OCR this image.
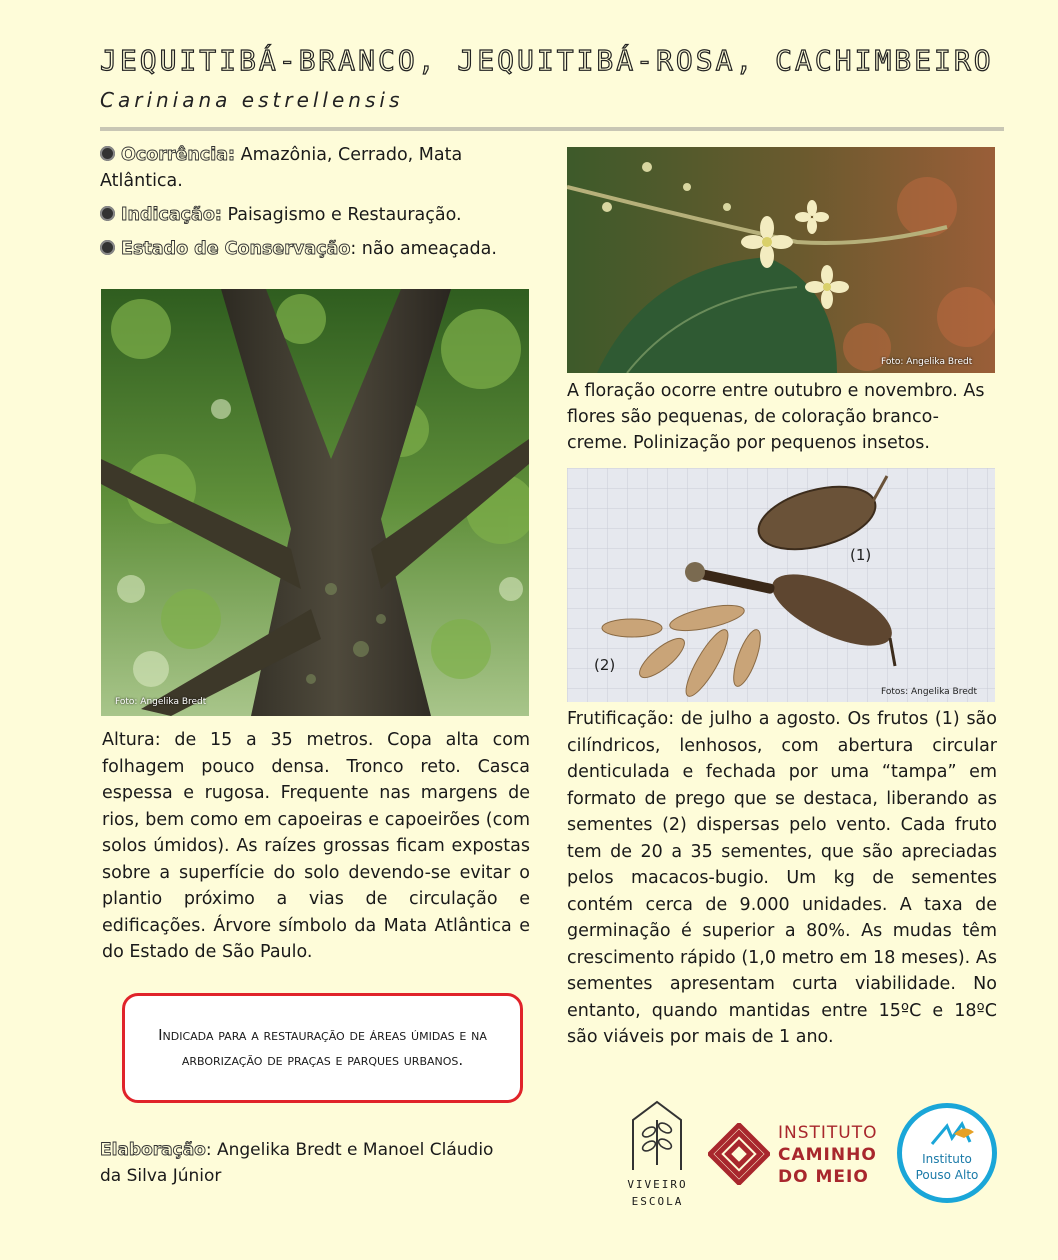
JEQUITIBÁ-BRANCO, JEQUITIBÁ-ROSA, CACHIMBEIRO
Cariniana estrellensis
Ocorrência: Amazônia, Cerrado, Mata Atlântica.
Indicação: Paisagismo e Restauração.
Estado de Conservação: não ameaçada.
Foto: Angelika Bredt
Altura: de 15 a 35 metros. Copa alta com folhagem pouco densa. Tronco reto. Casca espessa e rugosa. Frequente nas margens de rios, bem como em capoeiras e capoeirões (com solos úmidos). As raízes grossas ficam expostas sobre a superfície do solo devendo-se evitar o plantio próximo a vias de circulação e edificações. Árvore símbolo da Mata Atlântica e do Estado de São Paulo.
Indicada para a restauração de áreas úmidas e na arborização de praças e parques urbanos.
Elaboração: Angelika Bredt e Manoel Cláudio da Silva Júnior
Foto: Angelika Bredt
A floração ocorre entre outubro e novembro. As flores são pequenas, de coloração branco-creme. Polinização por pequenos insetos.
(1)
(2)
Fotos: Angelika Bredt
Frutificação: de julho a agosto. Os frutos (1) são cilíndricos, lenhosos, com abertura circular denticulada e fechada por uma “tampa” em formato de prego que se destaca, liberando as sementes (2) dispersas pelo vento. Cada fruto tem de 20 a 35 sementes, que são apreciadas pelos macacos-bugio. Um kg de sementes contém cerca de 9.000 unidades. A taxa de germinação é superior a 80%. As mudas têm crescimento rápido (1,0 metro em 18 meses). As sementes apresentam curta viabilidade. No entanto, quando mantidas entre 15ºC e 18ºC são viáveis por mais de 1 ano.
VIVEIRO
ESCOLA
INSTITUTO
CAMINHO
DO MEIO
Instituto
Pouso Alto
